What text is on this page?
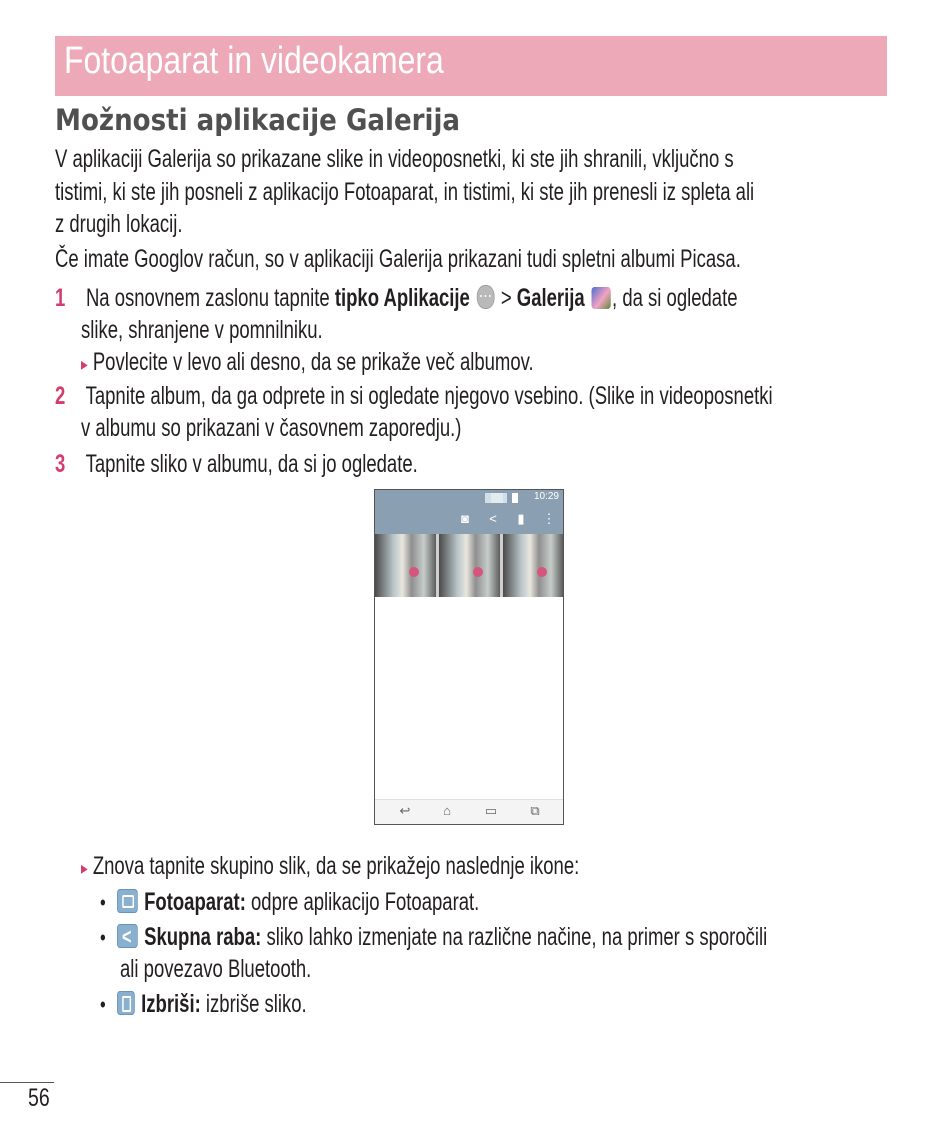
Fotoaparat in videokamera
Možnosti aplikacije Galerija
V aplikaciji Galerija so prikazane slike in videoposnetki, ki ste jih shranili, vključno s
tistimi, ki ste jih posneli z aplikacijo Fotoaparat, in tistimi, ki ste jih prenesli iz spleta ali
z drugih lokacij.
Če imate Googlov račun, so v aplikaciji Galerija prikazani tudi spletni albumi Picasa.
1 Na osnovnem zaslonu tapnite tipko Aplikacije ⋯ > Galerija , da si ogledate
slike, shranjene v pomnilniku.
▸ Povlecite v levo ali desno, da se prikaže več albumov.
2 Tapnite album, da ga odprete in si ogledate njegovo vsebino. (Slike in videoposnetki
v albumu so prikazani v časovnem zaporedju.)
3 Tapnite sliko v albumu, da si jo ogledate.
10:29
◙	<	▮	⋮
↩	⌂	▭	⧉
▸ Znova tapnite skupino slik, da se prikažejo naslednje ikone:
• Fotoaparat: odpre aplikacijo Fotoaparat.
• < Skupna raba: sliko lahko izmenjate na različne načine, na primer s sporočili
ali povezavo Bluetooth.
• Izbriši: izbriše sliko.
56
